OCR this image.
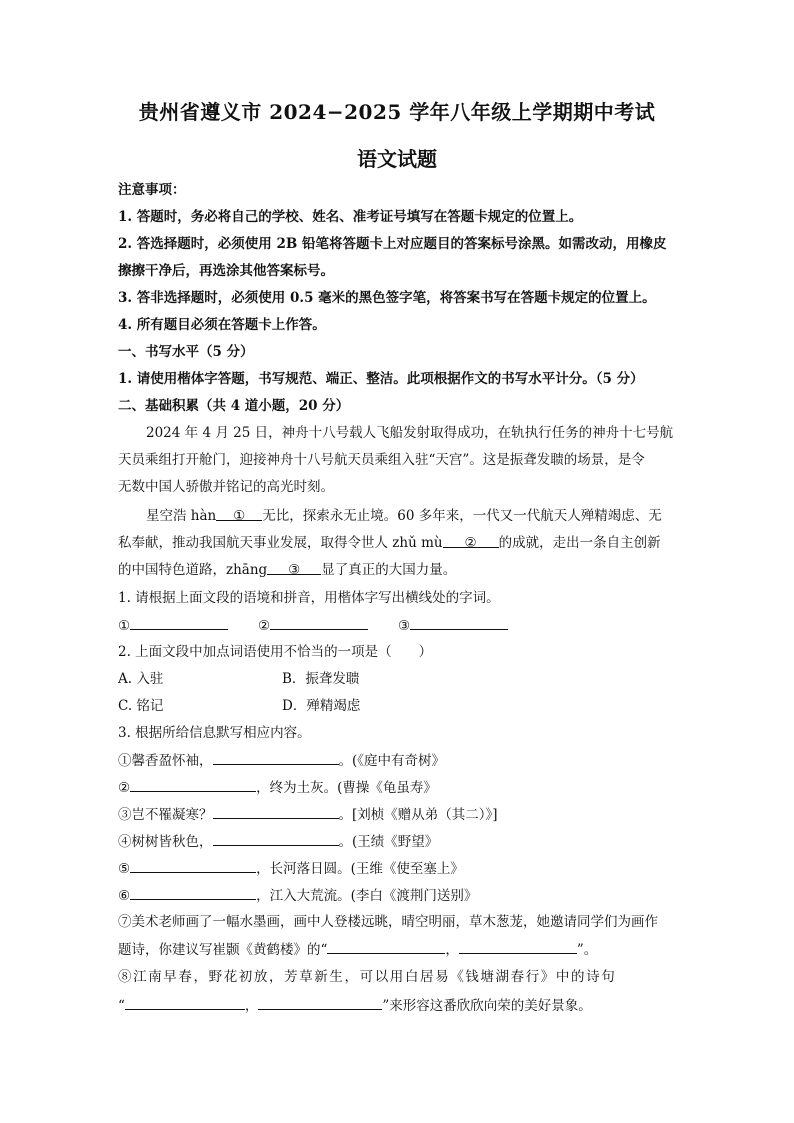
贵州省遵义市 2024−2025 学年八年级上学期期中考试
语文试题
注意事项：
1. 答题时，务必将自己的学校、姓名、准考证号填写在答题卡规定的位置上。
2. 答选择题时，必须使用 2B 铅笔将答题卡上对应题目的答案标号涂黑。如需改动，用橡皮
擦擦干净后，再选涂其他答案标号。
3. 答非选择题时，必须使用 0.5 毫米的黑色签字笔，将答案书写在答题卡规定的位置上。
4. 所有题目必须在答题卡上作答。
一、书写水平（5 分）
1. 请使用楷体字答题，书写规范、端正、整洁。此项根据作文的书写水平计分。（5 分）
二、基础积累（共 4 道小题，20 分）
2024 年 4 月 25 日，神舟十八号载人飞船发射取得成功，在轨执行任务的神舟十七号航
天员乘组打开舱门，迎接神舟十八号航天员乘组入驻“天宫”。这是振聋发聩的场景，是令
无数中国人骄傲并铭记的高光时刻。
星空浩 hàn ① 无比，探索永无止境。60 多年来，一代又一代航天人殚精竭虑、无
私奉献，推动我国航天事业发展，取得令世人 zhǔ mù ② 的成就，走出一条自主创新
的中国特色道路，zhāng ③ 显了真正的大国力量。
1. 请根据上面文段的语境和拼音，用楷体字写出横线处的字词。
①	②	③
2. 上面文段中加点词语使用不恰当的一项是（　　）
A. 入驻	B．振聋发聩
C. 铭记	D．殚精竭虑
3. 根据所给信息默写相应内容。
①馨香盈怀袖，	。(《庭中有奇树》
②	，终为土灰。(曹操《龟虽寿》
③岂不罹凝寒？	。[刘桢《赠从弟（其二）》]
④树树皆秋色，	。(王绩《野望》
⑤	，长河落日圆。(王维《使至塞上》
⑥	，江入大荒流。(李白《渡荆门送别》
⑦美术老师画了一幅水墨画，画中人登楼远眺，晴空明丽，草木葱茏，她邀请同学们为画作
题诗，你建议写崔颢《黄鹤楼》的“	，	”。
⑧江南早春，野花初放，芳草新生，可以用白居易《钱塘湖春行》中的诗句
“	，	”来形容这番欣欣向荣的美好景象。
